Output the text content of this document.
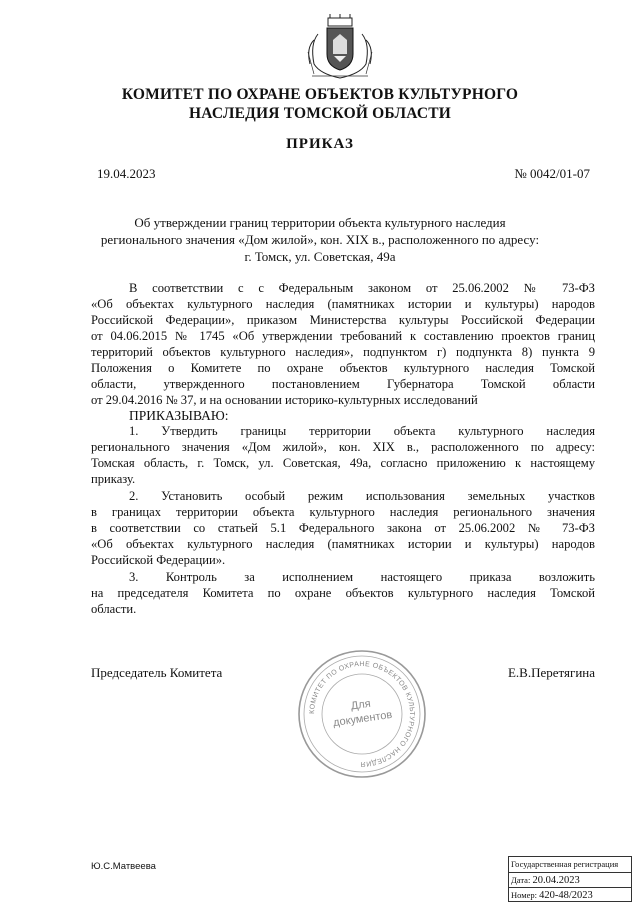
КОМИТЕТ ПО ОХРАНЕ ОБЪЕКТОВ КУЛЬТУРНОГО
НАСЛЕДИЯ ТОМСКОЙ ОБЛАСТИ
ПРИКАЗ
19.04.2023	№ 0042/01-07
Об утверждении границ территории объекта культурного наследия
регионального значения «Дом жилой», кон. XIX в., расположенного по адресу:
г. Томск, ул. Советская, 49а
В соответствии с с Федеральным законом от 25.06.2002 № 73-ФЗ
«Об объектах культурного наследия (памятниках истории и культуры) народов
Российской Федерации», приказом Министерства культуры Российской Федерации
от 04.06.2015 № 1745 «Об утверждении требований к составлению проектов границ
территорий объектов культурного наследия», подпунктом г) подпункта 8) пункта 9
Положения о Комитете по охране объектов культурного наследия Томской
области, утвержденного постановлением Губернатора Томской области
от 29.04.2016 № 37, и на основании историко-культурных исследований
ПРИКАЗЫВАЮ:
1. Утвердить границы территории объекта культурного наследия
регионального значения «Дом жилой», кон. XIX в., расположенного по адресу:
Томская область, г. Томск, ул. Советская, 49а, согласно приложению к настоящему
приказу.
2. Установить особый режим использования земельных участков
в границах территории объекта культурного наследия регионального значения
в соответствии со статьей 5.1 Федерального закона от 25.06.2002 № 73-ФЗ
«Об объектах культурного наследия (памятниках истории и культуры) народов
Российской Федерации».
3. Контроль за исполнением настоящего приказа возложить
на председателя Комитета по охране объектов культурного наследия Томской
области.
Председатель Комитета	Е.В.Перетягина
КОМИТЕТ ПО ОХРАНЕ ОБЪЕКТОВ КУЛЬТУРНОГО НАСЛЕДИЯ
Для
документов
Ю.С.Матвеева	Государственная регистрация
Дата: 20.04.2023
Номер: 420-48/2023
